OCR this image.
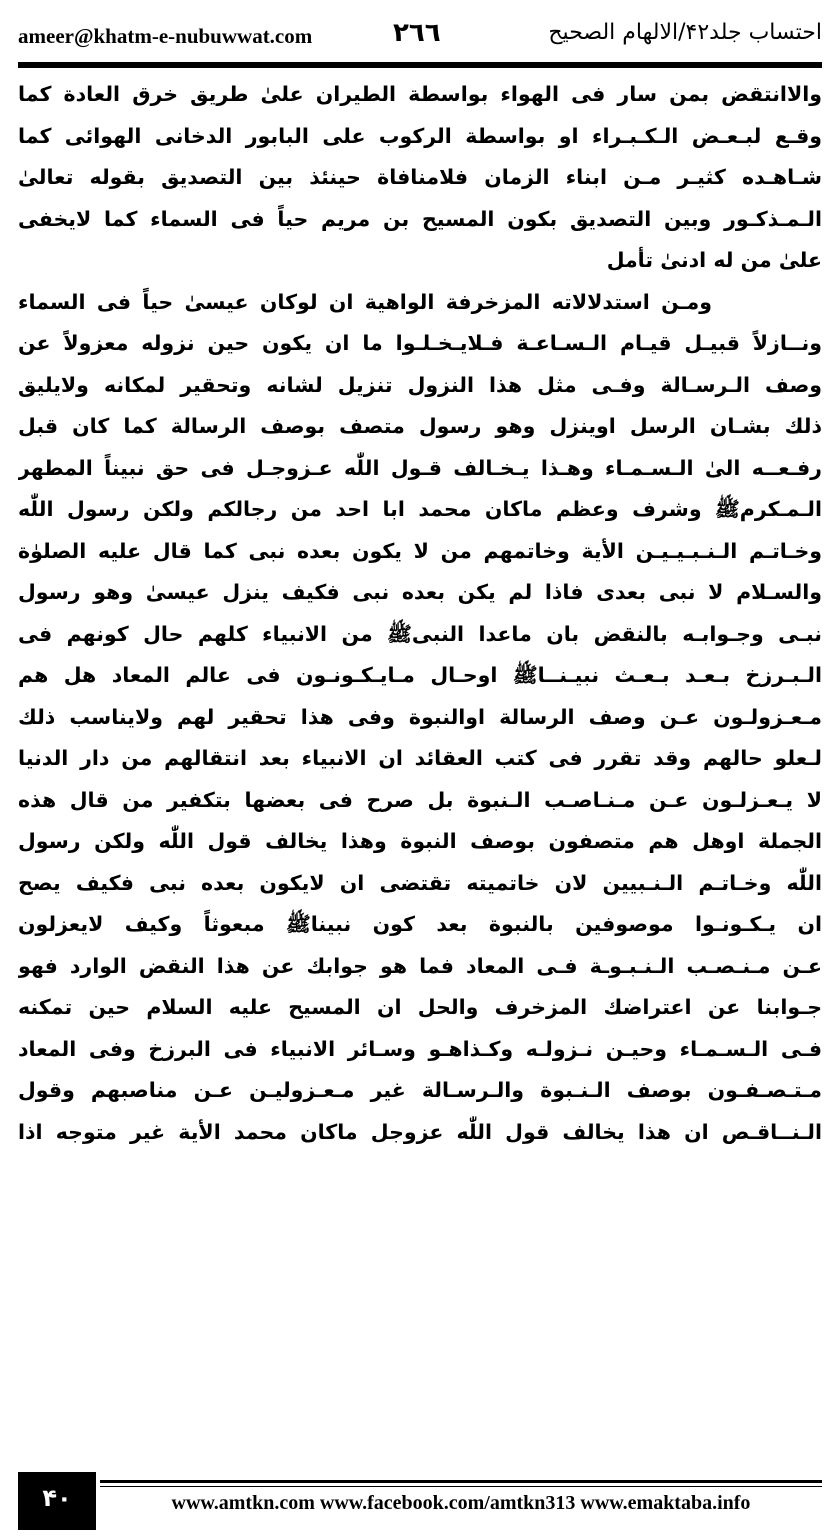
ameer@khatm-e-nubuwwat.com	٢٦٦	احتساب جلد۴۲/الالهام الصحیح
والاانتقض بمن سار فی الهواء بواسطة الطیران علیٰ طریق خرق العادة کما
وقـع لبـعـض الـکـبـراء او بواسطة الرکوب علی البابور الدخانی الهوائی کما
شـاهـده کثیـر مـن ابناء الزمان فلامنافاة حینئذ بین التصدیق بقوله تعالیٰ
الـمـذکـور وبین التصدیق بکون المسیح بن مریم حیاً فی السماء کما لایخفی
علیٰ من له ادنیٰ تأمل
ومـن استدلالاته المزخرفة الواهیة ان لوکان عیسیٰ حیاً فی السماء
ونــازلاً قبیـل قیـام الـسـاعـة فـلایـخـلـوا ما ان یکون حین نزوله معزولاً عن
وصف الـرسـالة وفـی مثل هذا النزول تنزیل لشانه وتحقیر لمکانه ولایلیق
ذلك بشـان الرسل اوینزل وهو رسول متصف بوصف الرسالة کما کان قبل
رفـعــه الیٰ الـسـمـاء وهـذا یـخـالف قـول اللّٰه عـزوجـل فی حق نبیناً المطهر
الـمـکرمﷺ وشرف وعظم ماکان محمد ابا احد من رجالکم ولکن رسول اللّٰه
وخـاتـم الـنـبـیـیـن الأیة وخاتمهم من لا یکون بعده نبی کما قال علیه الصلوٰة
والسـلام لا نبی بعدی فاذا لم یکن بعده نبی فکیف ینزل عیسیٰ وهو رسول
نبـی وجـوابـه بالنقض بان ماعدا النبیﷺ من الانبیاء کلهم حال کونهم فی
الـبـرزخ بـعـد بـعـث نبیـنــاﷺ اوحـال مـایـکـونـون فی عالم المعاد هل هم
مـعـزولـون عـن وصف الرسالة اوالنبوة وفی هذا تحقیر لهم ولایناسب ذلك
لـعلو حالهم وقد تقرر فی کتب العقائد ان الانبیاء بعد انتقالهم من دار الدنیا
لا یـعـزلـون عـن مـنـاصـب الـنبوة بل صرح فی بعضها بتکفیر من قال هذه
الجملة اوهل هم متصفون بوصف النبوة وهذا یخالف قول اللّٰه ولکن رسول
اللّٰه وخـاتـم الـنـبیین لان خاتمیته تقتضی ان لایکون بعده نبی فکیف یصح
ان یـکـونـوا موصوفین بالنبوة بعد کون نبیناﷺ مبعوثاً وکیف لایعزلون
عـن مـنـصـب الـنـبـوـة فـی المعاد فما هو جوابك عن هذا النقض الوارد فهو
جـوابنا عن اعتراضك المزخرف والحل ان المسیح علیه السلام حین تمکنه
فـی الـسـمـاء وحیـن نـزولـه وکـذاهـو وسـائر الانبیاء فی البرزخ وفی المعاد
مـتـصـفـون بوصف الـنـبوة والـرسـالة غیر مـعـزولیـن عـن مناصبهم وقول
الـنــاقـص ان هذا یخالف قول اللّٰه عزوجل ماکان محمد الأیة غیر متوجه اذا
۴۰	www.amtkn.com www.facebook.com/amtkn313 www.emaktaba.info
